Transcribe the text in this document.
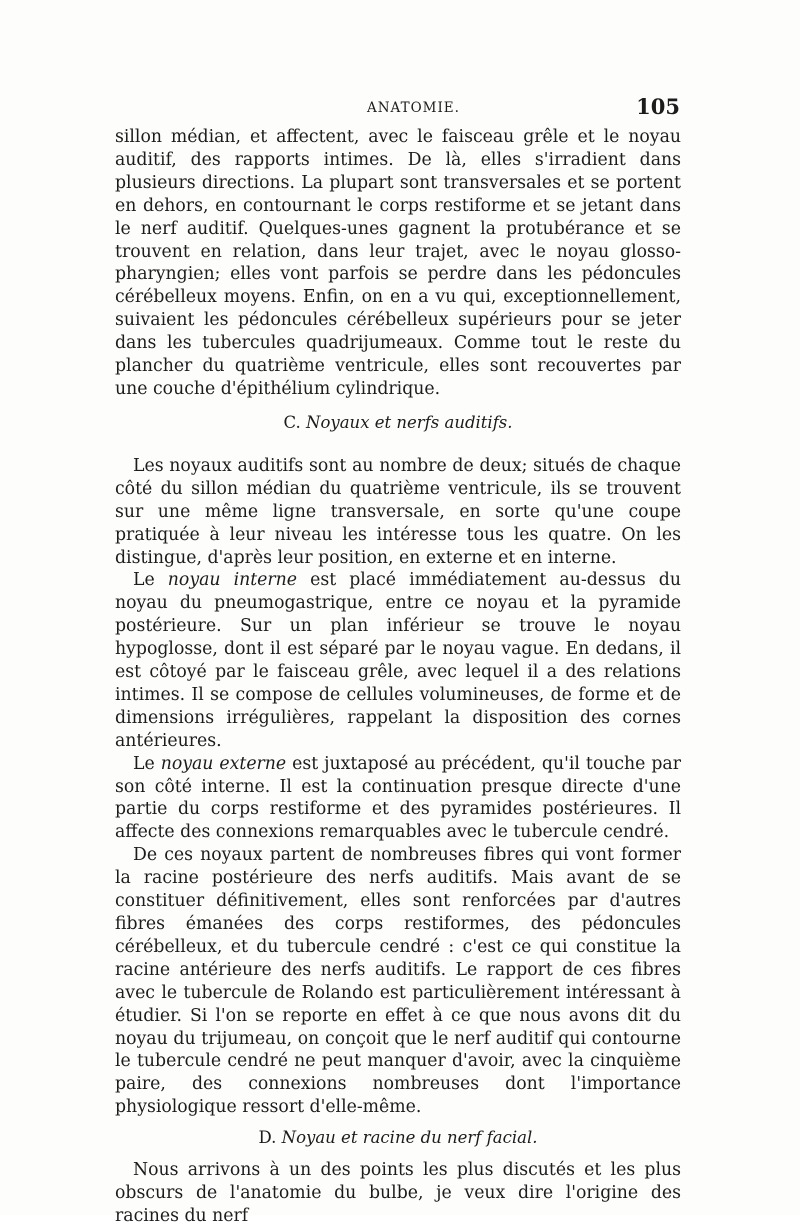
ANATOMIE.	105

sillon médian, et affectent, avec le faisceau grêle et le noyau auditif, des rapports intimes. De là, elles s'irradient dans plusieurs directions. La plupart sont transversales et se portent en dehors, en contournant le corps restiforme et se jetant dans le nerf auditif. Quelques-unes gagnent la protubérance et se trouvent en relation, dans leur trajet, avec le noyau glosso-pharyngien; elles vont parfois se perdre dans les pédoncules cérébelleux moyens. Enfin, on en a vu qui, exceptionnellement, suivaient les pédoncules cérébelleux supérieurs pour se jeter dans les tubercules quadrijumeaux. Comme tout le reste du plancher du quatrième ventricule, elles sont recouvertes par une couche d'épithélium cylindrique.

C. Noyaux et nerfs auditifs.

Les noyaux auditifs sont au nombre de deux; situés de chaque côté du sillon médian du quatrième ventricule, ils se trouvent sur une même ligne transversale, en sorte qu'une coupe pratiquée à leur niveau les intéresse tous les quatre. On les distingue, d'après leur position, en externe et en interne.

Le noyau interne est placé immédiatement au-dessus du noyau du pneumogastrique, entre ce noyau et la pyramide postérieure. Sur un plan inférieur se trouve le noyau hypoglosse, dont il est séparé par le noyau vague. En dedans, il est côtoyé par le faisceau grêle, avec lequel il a des relations intimes. Il se compose de cellules volumineuses, de forme et de dimensions irrégulières, rappelant la disposition des cornes antérieures.

Le noyau externe est juxtaposé au précédent, qu'il touche par son côté interne. Il est la continuation presque directe d'une partie du corps restiforme et des pyramides postérieures. Il affecte des connexions remarquables avec le tubercule cendré.

De ces noyaux partent de nombreuses fibres qui vont former la racine postérieure des nerfs auditifs. Mais avant de se constituer définitivement, elles sont renforcées par d'autres fibres émanées des corps restiformes, des pédoncules cérébelleux, et du tubercule cendré : c'est ce qui constitue la racine antérieure des nerfs auditifs. Le rapport de ces fibres avec le tubercule de Rolando est particulièrement intéressant à étudier. Si l'on se reporte en effet à ce que nous avons dit du noyau du trijumeau, on conçoit que le nerf auditif qui contourne le tubercule cendré ne peut manquer d'avoir, avec la cinquième paire, des connexions nombreuses dont l'importance physiologique ressort d'elle-même.

D. Noyau et racine du nerf facial.

Nous arrivons à un des points les plus discutés et les plus obscurs de l'anatomie du bulbe, je veux dire l'origine des racines du nerf
